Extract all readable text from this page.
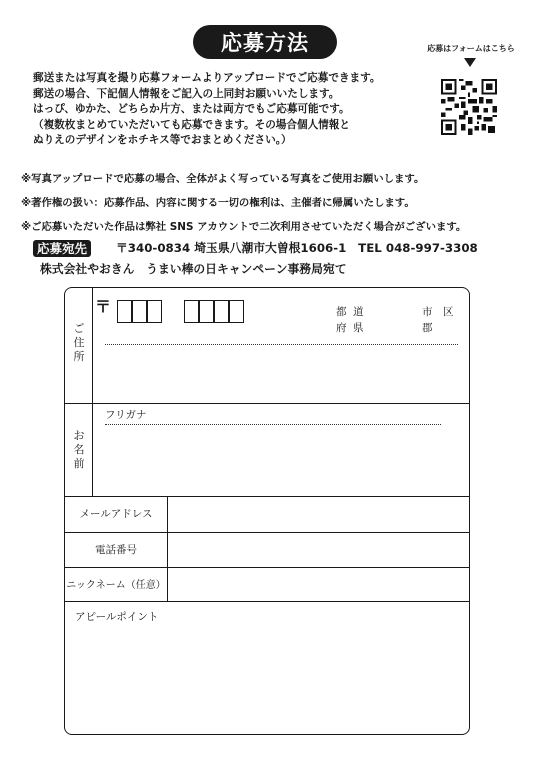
応募方法	応募はフォームはこちら
郵送または写真を撮り応募フォームよりアップロードでご応募できます。
郵送の場合、下記個人情報をご記入の上同封お願いいたします。
はっぴ、ゆかた、どちらか片方、または両方でもご応募可能です。
（複数枚まとめていただいても応募できます。その場合個人情報と
ぬりえのデザインをホチキス等でおまとめください。）
※写真アップロードで応募の場合、全体がよく写っている写真をご使用お願いします。
※著作権の扱い：応募作品、内容に関する一切の権利は、主催者に帰属いたします。
※ご応募いただいた作品は弊社 SNS アカウントで二次利用させていただく場合がございます。
応募宛先	〒340-0834 埼玉県八潮市大曽根1606-1　TEL 048-997-3308
株式会社やおきん　うまい棒の日キャンペーン事務局宛て
ご住所
〒	都 道
府 県
市 区
郡
お名前
フリガナ
メールアドレス
電話番号
ニックネーム（任意）
アピールポイント
